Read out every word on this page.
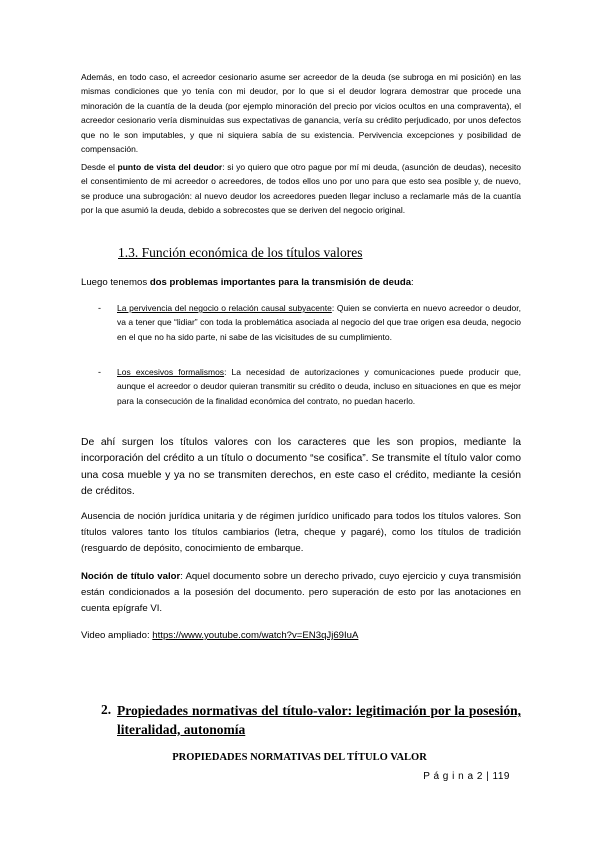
Además, en todo caso, el acreedor cesionario asume ser acreedor de la deuda (se subroga en mi posición) en las mismas condiciones que yo tenía con mi deudor, por lo que si el deudor lograra demostrar que procede una minoración de la cuantía de la deuda (por ejemplo minoración del precio por vicios ocultos en una compraventa), el acreedor cesionario vería disminuidas sus expectativas de ganancia, vería su crédito perjudicado, por unos defectos que no le son imputables, y que ni siquiera sabía de su existencia. Pervivencia excepciones y posibilidad de compensación.

Desde el punto de vista del deudor: si yo quiero que otro pague por mí mi deuda, (asunción de deudas), necesito el consentimiento de mi acreedor o acreedores, de todos ellos uno por uno para que esto sea posible y, de nuevo, se produce una subrogación: al nuevo deudor los acreedores pueden llegar incluso a reclamarle más de la cuantía por la que asumió la deuda, debido a sobrecostes que se deriven del negocio original.

1.3. Función económica de los títulos valores

Luego tenemos dos problemas importantes para la transmisión de deuda:

- La pervivencia del negocio o relación causal subyacente: Quien se convierta en nuevo acreedor o deudor, va a tener que “lidiar” con toda la problemática asociada al negocio del que trae origen esa deuda, negocio en el que no ha sido parte, ni sabe de las vicisitudes de su cumplimiento.

- Los excesivos formalismos: La necesidad de autorizaciones y comunicaciones puede producir que, aunque el acreedor o deudor quieran transmitir su crédito o deuda, incluso en situaciones en que es mejor para la consecución de la finalidad económica del contrato, no puedan hacerlo.

De ahí surgen los títulos valores con los caracteres que les son propios, mediante la incorporación del crédito a un título o documento “se cosifica”. Se transmite el título valor como una cosa mueble y ya no se transmiten derechos, en este caso el crédito, mediante la cesión de créditos.

Ausencia de noción jurídica unitaria y de régimen jurídico unificado para todos los títulos valores. Son títulos valores tanto los títulos cambiarios (letra, cheque y pagaré), como los títulos de tradición (resguardo de depósito, conocimiento de embarque.

Noción de título valor: Aquel documento sobre un derecho privado, cuyo ejercicio y cuya transmisión están condicionados a la posesión del documento. pero superación de esto por las anotaciones en cuenta epígrafe VI.

Video ampliado: https://www.youtube.com/watch?v=EN3qJj69IuA

2. Propiedades normativas del título-valor: legitimación por la posesión, literalidad, autonomía
PROPIEDADES NORMATIVAS DEL TÍTULO VALOR
P á g i n a 2 | 119
